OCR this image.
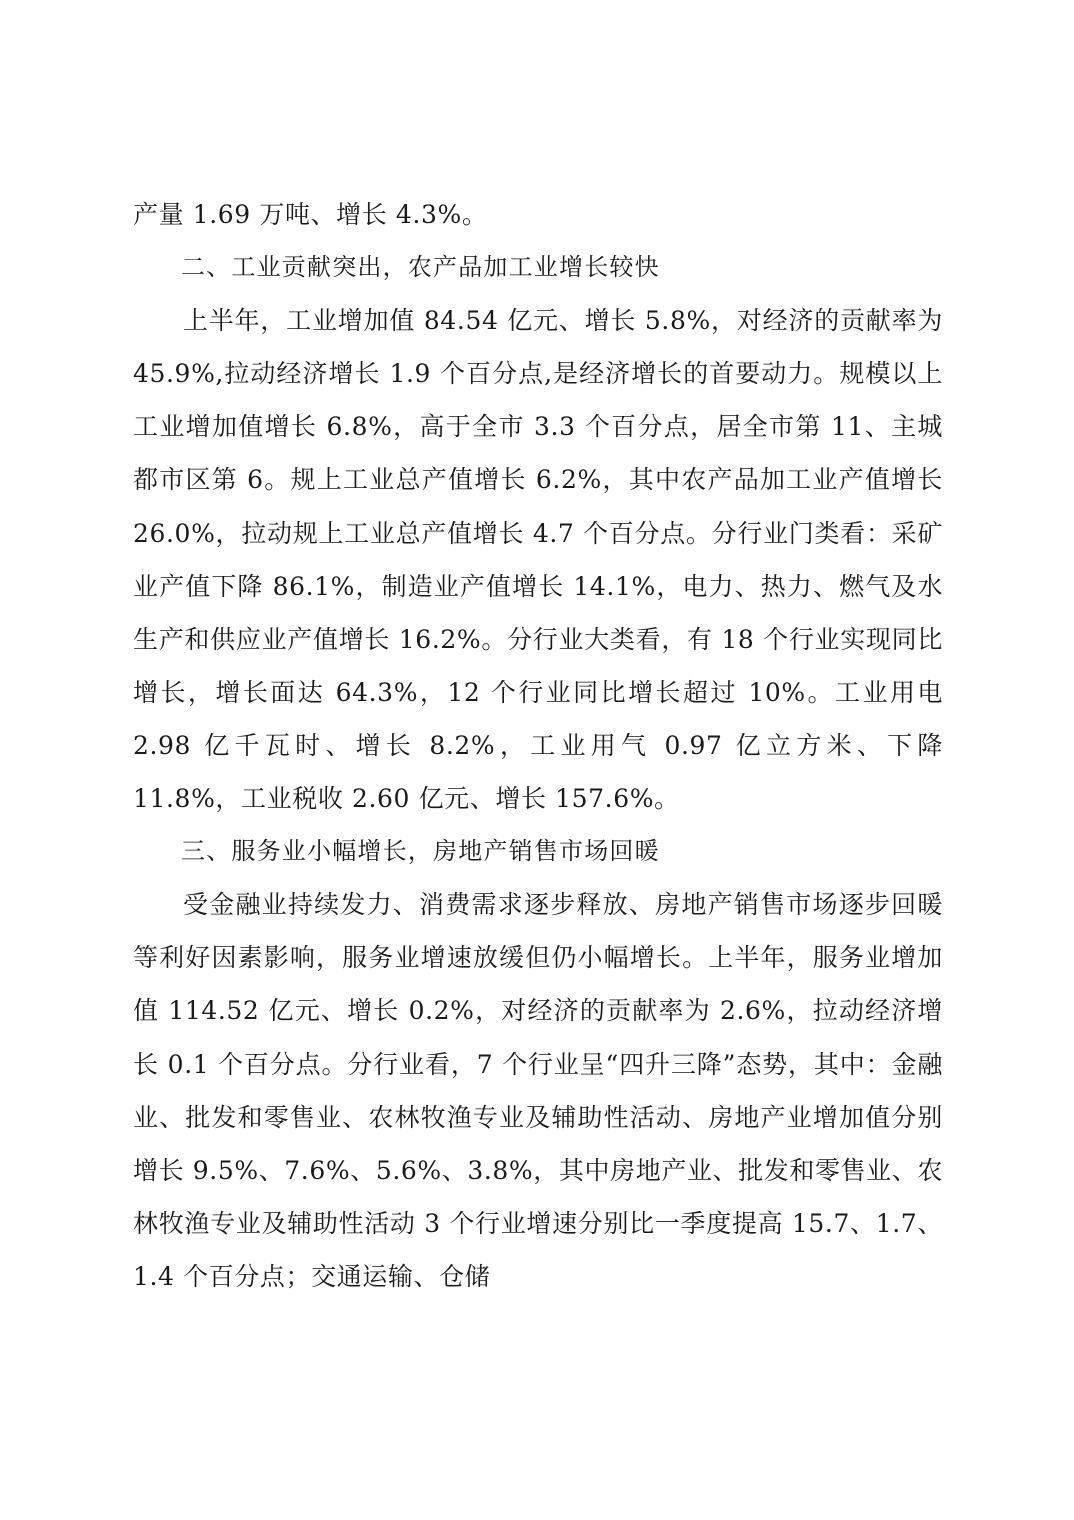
产量 1.69 万吨、增长 4.3%。

二、工业贡献突出，农产品加工业增长较快

上半年，工业增加值 84.54 亿元、增长 5.8%，对经济的贡献率为 45.9%,拉动经济增长 1.9 个百分点,是经济增长的首要动力。规模以上工业增加值增长 6.8%，高于全市 3.3 个百分点，居全市第 11、主城都市区第 6。规上工业总产值增长 6.2%，其中农产品加工业产值增长 26.0%，拉动规上工业总产值增长 4.7 个百分点。分行业门类看：采矿业产值下降 86.1%，制造业产值增长 14.1%，电力、热力、燃气及水生产和供应业产值增长 16.2%。分行业大类看，有 18 个行业实现同比增长，增长面达 64.3%，12 个行业同比增长超过 10%。工业用电 2.98 亿千瓦时、增长 8.2%，工业用气 0.97 亿立方米、下降 11.8%，工业税收 2.60 亿元、增长 157.6%。

三、服务业小幅增长，房地产销售市场回暖

受金融业持续发力、消费需求逐步释放、房地产销售市场逐步回暖等利好因素影响，服务业增速放缓但仍小幅增长。上半年，服务业增加值 114.52 亿元、增长 0.2%，对经济的贡献率为 2.6%，拉动经济增长 0.1 个百分点。分行业看，7 个行业呈“四升三降”态势，其中：金融业、批发和零售业、农林牧渔专业及辅助性活动、房地产业增加值分别增长 9.5%、7.6%、5.6%、3.8%，其中房地产业、批发和零售业、农林牧渔专业及辅助性活动 3 个行业增速分别比一季度提高 15.7、1.7、1.4 个百分点；交通运输、仓储
